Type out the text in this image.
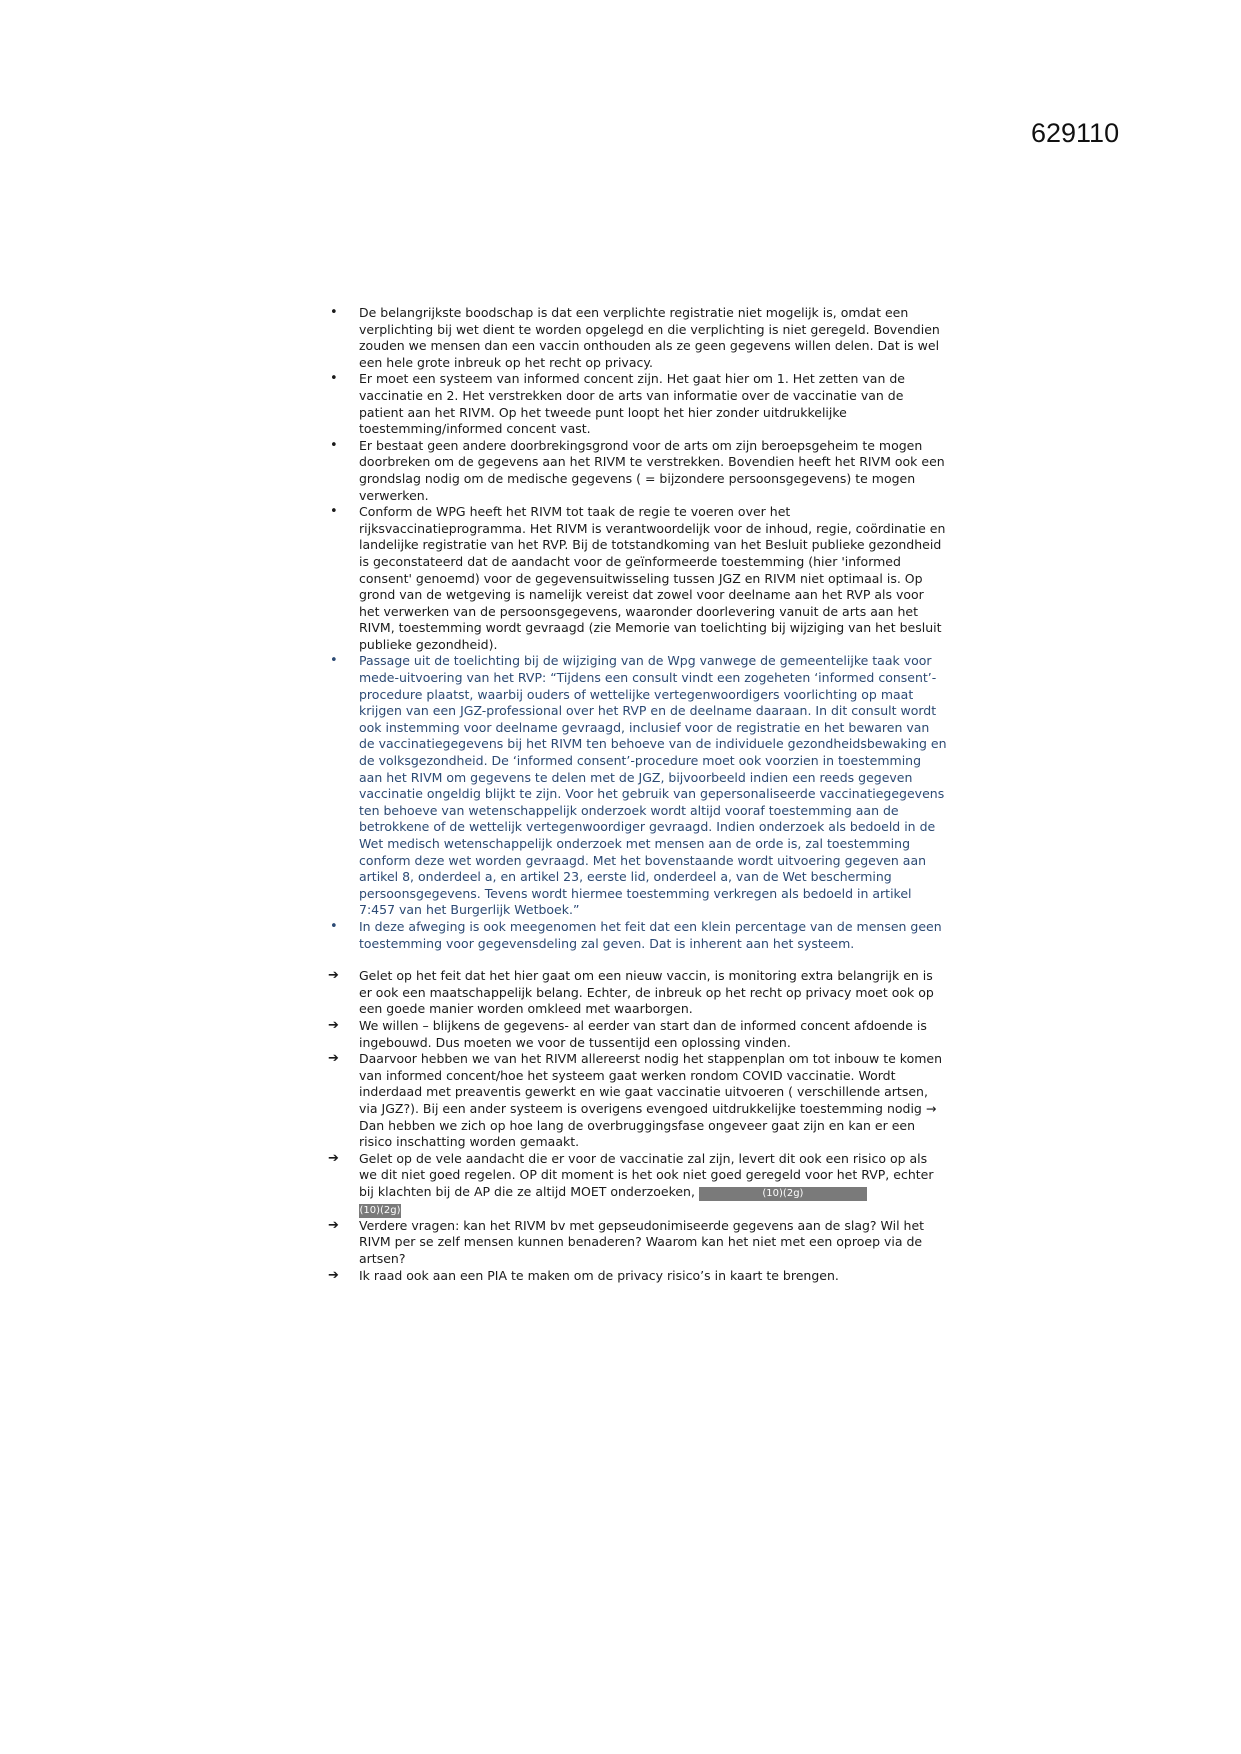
629110
• De belangrijkste boodschap is dat een verplichte registratie niet mogelijk is, omdat een verplichting bij wet dient te worden opgelegd en die verplichting is niet geregeld. Bovendien zouden we mensen dan een vaccin onthouden als ze geen gegevens willen delen. Dat is wel een hele grote inbreuk op het recht op privacy.
• Er moet een systeem van informed concent zijn. Het gaat hier om 1. Het zetten van de vaccinatie en 2. Het verstrekken door de arts van informatie over de vaccinatie van de patient aan het RIVM. Op het tweede punt loopt het hier zonder uitdrukkelijke toestemming/informed concent vast.
• Er bestaat geen andere doorbrekingsgrond voor de arts om zijn beroepsgeheim te mogen doorbreken om de gegevens aan het RIVM te verstrekken. Bovendien heeft het RIVM ook een grondslag nodig om de medische gegevens ( = bijzondere persoonsgegevens) te mogen verwerken.
• Conform de WPG heeft het RIVM tot taak de regie te voeren over het rijksvaccinatieprogramma. Het RIVM is verantwoordelijk voor de inhoud, regie, coördinatie en landelijke registratie van het RVP. Bij de totstandkoming van het Besluit publieke gezondheid is geconstateerd dat de aandacht voor de geïnformeerde toestemming (hier 'informed consent' genoemd) voor de gegevensuitwisseling tussen JGZ en RIVM niet optimaal is. Op grond van de wetgeving is namelijk vereist dat zowel voor deelname aan het RVP als voor het verwerken van de persoonsgegevens, waaronder doorlevering vanuit de arts aan het RIVM, toestemming wordt gevraagd (zie Memorie van toelichting bij wijziging van het besluit publieke gezondheid).
• Passage uit de toelichting bij de wijziging van de Wpg vanwege de gemeentelijke taak voor mede-uitvoering van het RVP: “Tijdens een consult vindt een zogeheten ‘informed consent’-procedure plaatst, waarbij ouders of wettelijke vertegenwoordigers voorlichting op maat krijgen van een JGZ-professional over het RVP en de deelname daaraan. In dit consult wordt ook instemming voor deelname gevraagd, inclusief voor de registratie en het bewaren van de vaccinatiegegevens bij het RIVM ten behoeve van de individuele gezondheidsbewaking en de volksgezondheid. De ‘informed consent’-procedure moet ook voorzien in toestemming aan het RIVM om gegevens te delen met de JGZ, bijvoorbeeld indien een reeds gegeven vaccinatie ongeldig blijkt te zijn. Voor het gebruik van gepersonaliseerde vaccinatiegegevens ten behoeve van wetenschappelijk onderzoek wordt altijd vooraf toestemming aan de betrokkene of de wettelijk vertegenwoordiger gevraagd. Indien onderzoek als bedoeld in de Wet medisch wetenschappelijk onderzoek met mensen aan de orde is, zal toestemming conform deze wet worden gevraagd. Met het bovenstaande wordt uitvoering gegeven aan artikel 8, onderdeel a, en artikel 23, eerste lid, onderdeel a, van de Wet bescherming persoonsgegevens. Tevens wordt hiermee toestemming verkregen als bedoeld in artikel 7:457 van het Burgerlijk Wetboek.”
• In deze afweging is ook meegenomen het feit dat een klein percentage van de mensen geen toestemming voor gegevensdeling zal geven. Dat is inherent aan het systeem.
➔ Gelet op het feit dat het hier gaat om een nieuw vaccin, is monitoring extra belangrijk en is er ook een maatschappelijk belang. Echter, de inbreuk op het recht op privacy moet ook op een goede manier worden omkleed met waarborgen.
➔ We willen – blijkens de gegevens- al eerder van start dan de informed concent afdoende is ingebouwd. Dus moeten we voor de tussentijd een oplossing vinden.
➔ Daarvoor hebben we van het RIVM allereerst nodig het stappenplan om tot inbouw te komen van informed concent/hoe het systeem gaat werken rondom COVID vaccinatie. Wordt inderdaad met preaventis gewerkt en wie gaat vaccinatie uitvoeren ( verschillende artsen, via JGZ?). Bij een ander systeem is overigens evengoed uitdrukkelijke toestemming nodig → Dan hebben we zich op hoe lang de overbruggingsfase ongeveer gaat zijn en kan er een risico inschatting worden gemaakt.
➔ Gelet op de vele aandacht die er voor de vaccinatie zal zijn, levert dit ook een risico op als we dit niet goed regelen. OP dit moment is het ook niet goed geregeld voor het RVP, echter bij klachten bij de AP die ze altijd MOET onderzoeken,	(10)(2g)
(10)(2g)
➔ Verdere vragen: kan het RIVM bv met gepseudonimiseerde gegevens aan de slag? Wil het RIVM per se zelf mensen kunnen benaderen? Waarom kan het niet met een oproep via de artsen?
➔ Ik raad ook aan een PIA te maken om de privacy risico’s in kaart te brengen.
